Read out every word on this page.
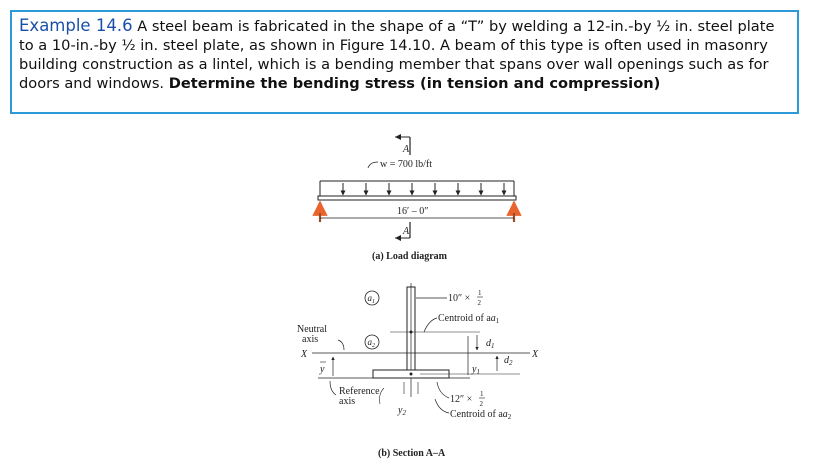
Example 14.6 A steel beam is fabricated in the shape of a “T” by welding a 12-in.-by ½ in. steel plate to a 10-in.-by ½ in. steel plate, as shown in Figure 14.10. A beam of this type is often used in masonry building construction as a lintel, which is a bending member that spans over wall openings such as for doors and windows. Determine the bending stress (in tension and compression)

A
w = 700 lb/ft
16′ – 0″
A
(a) Load diagram
$a_1$
$a_2$
10″ × 1
2
Centroid of $aa_1$
Neutral
axis
X	X
y
$d_1$
$y_1$
$d_2$
Reference
axis
$y_2$
12″ × 1
2
Centroid of $aa_2$
(b) Section A–A
